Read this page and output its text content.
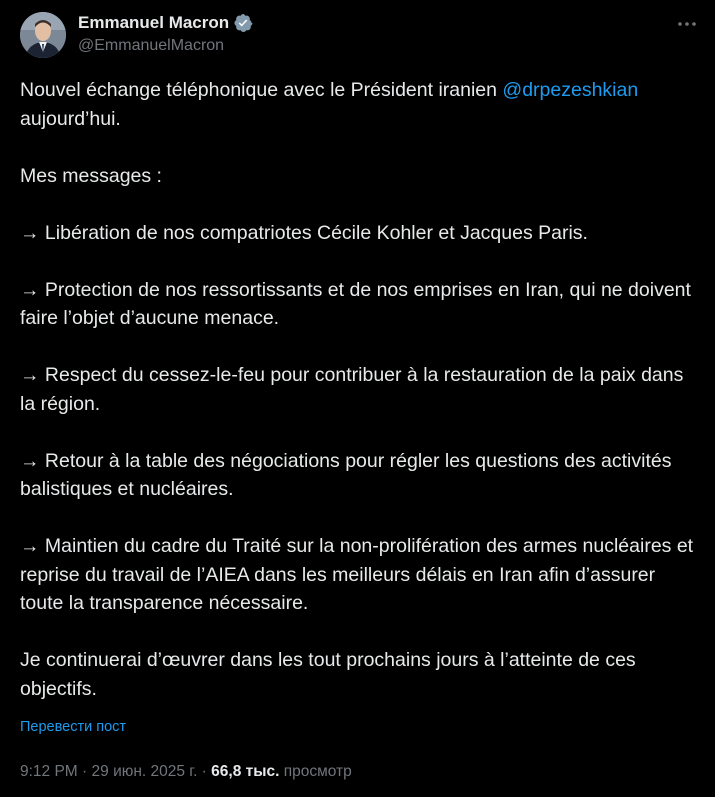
Emmanuel Macron
@EmmanuelMacron

Nouvel échange téléphonique avec le Président iranien @drpezeshkian aujourd’hui.

Mes messages :

→ Libération de nos compatriotes Cécile Kohler et Jacques Paris.

→ Protection de nos ressortissants et de nos emprises en Iran, qui ne doivent faire l’objet d’aucune menace.

→ Respect du cessez-le-feu pour contribuer à la restauration de la paix dans la région.

→ Retour à la table des négociations pour régler les questions des activités balistiques et nucléaires.

→ Maintien du cadre du Traité sur la non-prolifération des armes nucléaires et reprise du travail de l’AIEA dans les meilleurs délais en Iran afin d’assurer toute la transparence nécessaire.

Je continuerai d’œuvrer dans les tout prochains jours à l’atteinte de ces objectifs.

Перевести пост
9:12 PM · 29 июн. 2025 г. · 66,8 тыс. просмотр
